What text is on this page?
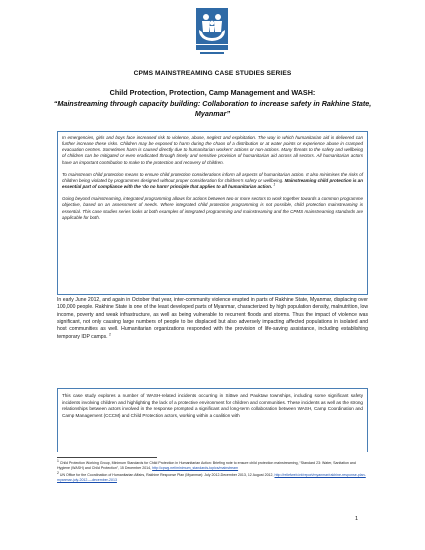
CPMS MAINSTREAMING CASE STUDIES SERIES
Child Protection, Protection, Camp Management and WASH:
“Mainstreaming through capacity building: Collaboration to increase safety in Rakhine State, Myanmar”

In emergencies, girls and boys face increased risk to violence, abuse, neglect and exploitation. The way in which humanitarian aid is delivered can further increase these risks. Children may be exposed to harm during the chaos of a distribution or at water points or experience abuse in cramped evacuation centres. Sometimes harm is caused directly due to humanitarian workers’ actions or non-actions. Many threats to the safety and wellbeing of children can be mitigated or even eradicated through timely and sensitive provision of humanitarian aid across all sectors. All humanitarian actors have an important contribution to make to the protection and recovery of children.

To mainstream child protection means to ensure child protection considerations inform all aspects of humanitarian action. It also minimises the risks of children being violated by programmes designed without proper consideration for children’s safety or wellbeing. Mainstreaming child protection is an essential part of compliance with the ‘do no harm’ principle that applies to all humanitarian action. $^1$

Going beyond mainstreaming, integrated programming allows for actions between two or more sectors to work together towards a common programme objective, based on an assessment of needs. Where integrated child protection programming is not possible, child protection mainstreaming is essential. This case studies series looks at both examples of integrated programming and mainstreaming and the CPMS mainstreaming standards are applicable for both.

In early June 2012, and again in October that year, inter-community violence erupted in parts of Rakhine State, Myanmar, displacing over 100,000 people. Rakhine State is one of the least developed parts of Myanmar, characterized by high population density, malnutrition, low income, poverty and weak infrastructure, as well as being vulnerable to recurrent floods and storms. Thus the impact of violence was significant, not only causing large numbers of people to be displaced but also adversely impacting affected populations in isolated and host communities as well. Humanitarian organizations responded with the provision of life-saving assistance, including establishing temporary IDP camps. $^2$
This case study explores a number of WASH-related incidents occurring in Sittwe and Pauktaw townships, including some significant safety incidents involving children and highlighting the lack of a protective environment for children and communities. These incidents as well as the strong relationships between actors involved in the response prompted a significant and long-term collaboration between WASH, Camp Coordination and Camp Management (CCCM) and Child Protection actors, working within a coalition with

1 Child Protection Working Group, Minimum Standards for Child Protection in Humanitarian Action: Briefing note to ensure child protection mainstreaming, “Standard 23: Water, Sanitation and Hygiene (WASH) and Child Protection”, 15 December 2014, http://cpwg.net/minimum_standards-topics/mainstream

2 UN Office for the Coordination of Humanitarian Affairs, Rakhine Response Plan (Myanmar): July 2012-December 2013, 12 August 2012, http://reliefweb.int/report/myanmar/rakhine-response-plan-myanmar-july-2012-—december-2013

1
